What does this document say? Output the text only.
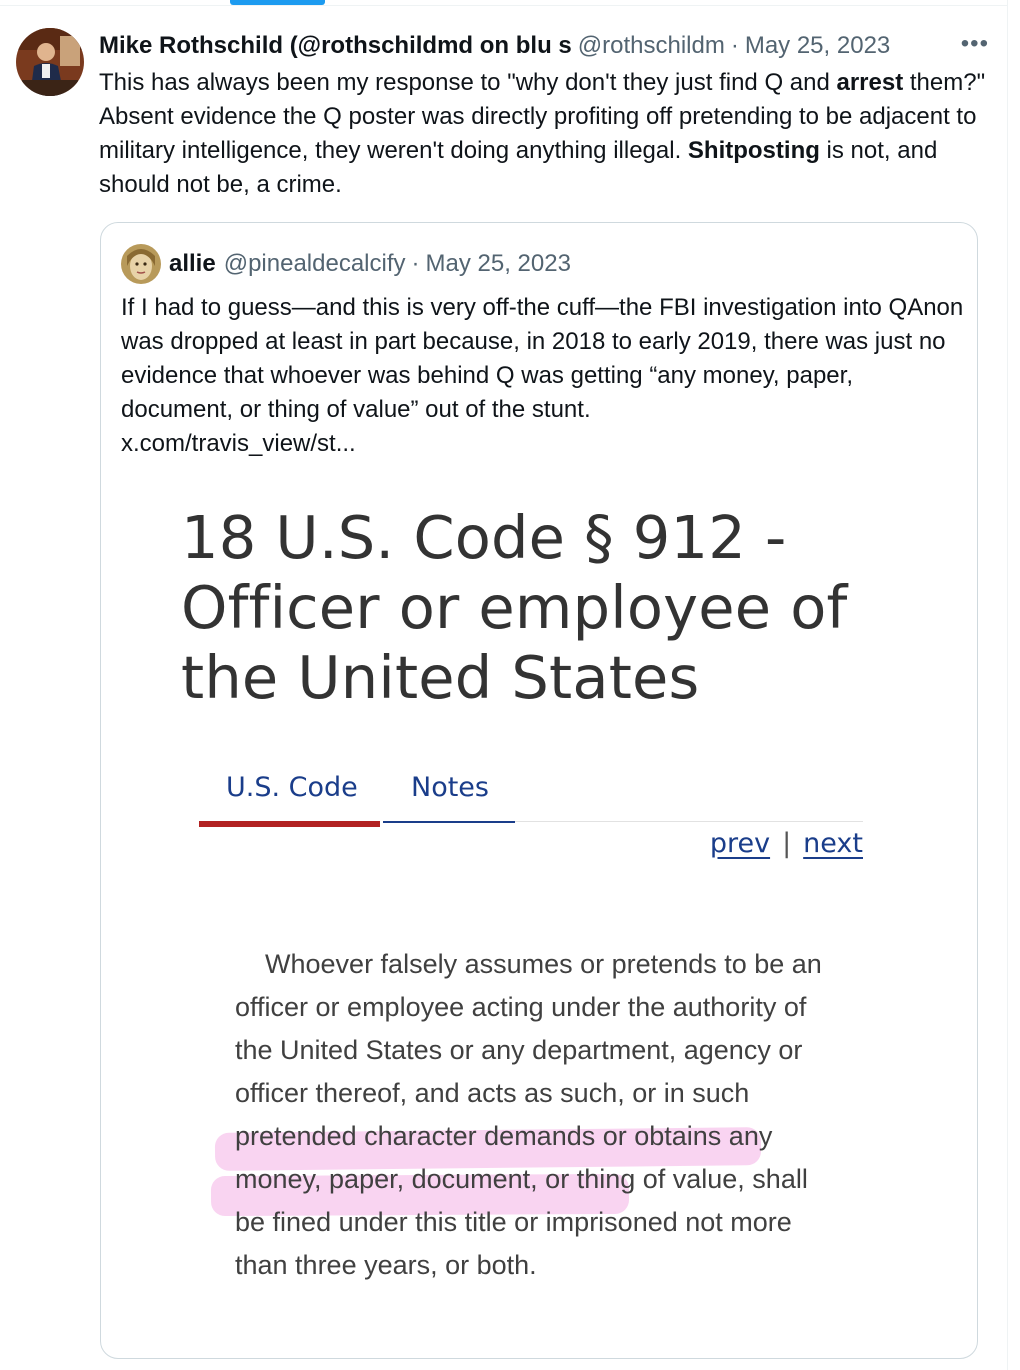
Mike Rothschild (@rothschildmd on blu s @rothschildm · May 25, 2023	•••
This has always been my response to "why don't they just find Q and arrest them?" Absent evidence the Q poster was directly profiting off pretending to be adjacent to military intelligence, they weren't doing anything illegal. Shitposting is not, and should not be, a crime.
allie @pinealdecalcify · May 25, 2023
If I had to guess—and this is very off-the cuff—the FBI investigation into QAnon was dropped at least in part because, in 2018 to early 2019, there was just no evidence that whoever was behind Q was getting “any money, paper, document, or thing of value” out of the stunt.
x.com/travis_view/st...
18 U.S. Code § 912 - Officer or employee of the United States
U.S. Code Notes
prev | next
Whoever falsely assumes or pretends to be an officer or employee acting under the authority of the United States or any department, agency or officer thereof, and acts as such, or in such pretended character demands or obtains any money, paper, document, or thing of value, shall be fined under this title or imprisoned not more than three years, or both.
